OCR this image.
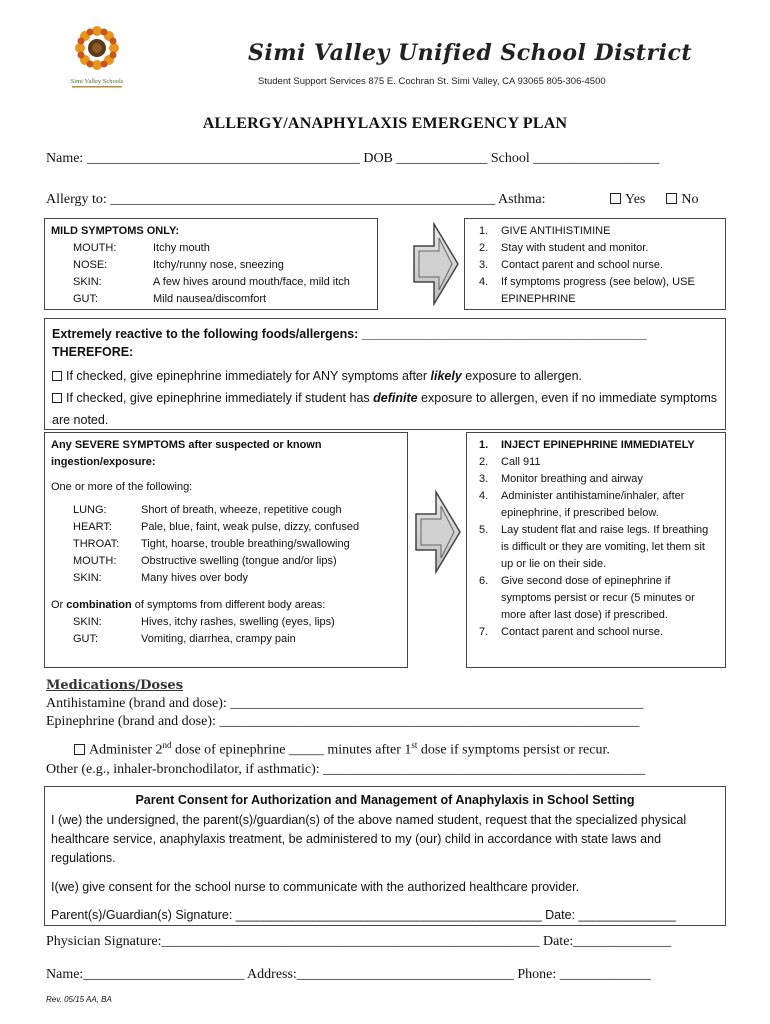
Simi Valley Schools
Simi Valley Unified School District
Student Support Services 875 E. Cochran St. Simi Valley, CA 93065 805-306-4500
ALLERGY/ANAPHYLAXIS EMERGENCY PLAN
Name: _______________________________________ DOB _____________ School __________________
Allergy to: _______________________________________________________ Asthma:	Yes	No
MILD SYMPTOMS ONLY:
MOUTH:	Itchy mouth
NOSE:	Itchy/runny nose, sneezing
SKIN:	A few hives around mouth/face, mild itch
GUT:	Mild nausea/discomfort
1.	GIVE ANTIHISTIMINE
2.	Stay with student and monitor.
3.	Contact parent and school nurse.
4.	If symptoms progress (see below), USE EPINEPHRINE
Extremely reactive to the following foods/allergens: _________________________________________
THEREFORE:
If checked, give epinephrine immediately for ANY symptoms after likely exposure to allergen.
If checked, give epinephrine immediately if student has definite exposure to allergen, even if no immediate symptoms are noted.
Any SEVERE SYMPTOMS after suspected or known ingestion/exposure:
One or more of the following:
LUNG:	Short of breath, wheeze, repetitive cough
HEART:	Pale, blue, faint, weak pulse, dizzy, confused
THROAT:	Tight, hoarse, trouble breathing/swallowing
MOUTH:	Obstructive swelling (tongue and/or lips)
SKIN:	Many hives over body
Or combination of symptoms from different body areas:
SKIN:	Hives, itchy rashes, swelling (eyes, lips)
GUT:	Vomiting, diarrhea, crampy pain
1.	INJECT EPINEPHRINE IMMEDIATELY
2.	Call 911
3.	Monitor breathing and airway
4.	Administer antihistamine/inhaler, after epinephrine, if prescribed below.
5.	Lay student flat and raise legs. If breathing is difficult or they are vomiting, let them sit up or lie on their side.
6.	Give second dose of epinephrine if symptoms persist or recur (5 minutes or more after last dose) if prescribed.
7.	Contact parent and school nurse.
Medications/Doses
Antihistamine (brand and dose): ___________________________________________________________
Epinephrine (brand and dose): ____________________________________________________________
Administer 2nd dose of epinephrine _____ minutes after 1st dose if symptoms persist or recur.
Other (e.g., inhaler-bronchodilator, if asthmatic): ______________________________________________
Parent Consent for Authorization and Management of Anaphylaxis in School Setting
I (we) the undersigned, the parent(s)/guardian(s) of the above named student, request that the specialized physical healthcare service, anaphylaxis treatment, be administered to my (our) child in accordance with state laws and regulations.
I(we) give consent for the school nurse to communicate with the authorized healthcare provider.
Parent(s)/Guardian(s) Signature: ____________________________________________ Date: ______________
Physician Signature:______________________________________________________ Date:______________
Name:_______________________ Address:_______________________________ Phone: _____________
Rev. 05/15 AA, BA
